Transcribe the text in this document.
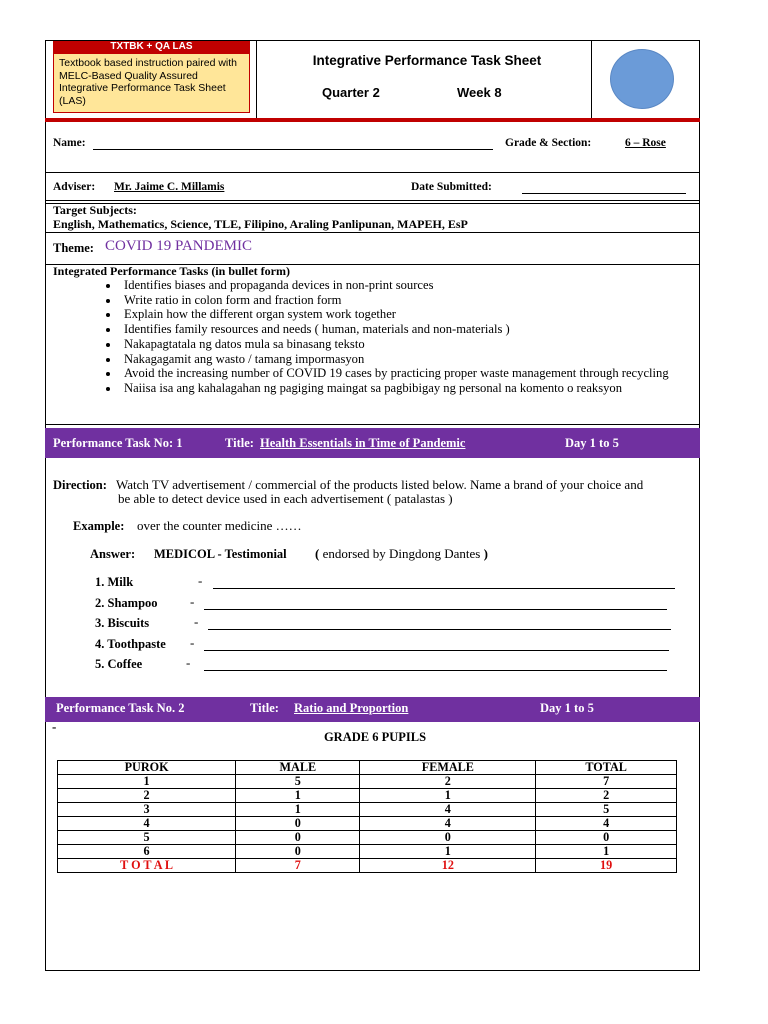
TXTBK + QA LAS
Textbook based instruction paired with MELC-Based Quality Assured Integrative Performance Task Sheet (LAS)
Integrative Performance Task Sheet
Quarter 2	Week 8
Name:	Grade & Section:	6 – Rose
Adviser: Mr. Jaime C. Millamis	Date Submitted:
Target Subjects:
English, Mathematics, Science, TLE, Filipino, Araling Panlipunan, MAPEH, EsP
Theme: COVID 19 PANDEMIC
Integrated Performance Tasks (in bullet form)
• Identifies biases and propaganda devices in non-print sources
• Write ratio in colon form and fraction form
• Explain how the different organ system work together
• Identifies family resources and needs ( human, materials and non-materials )
• Nakapagtatala ng datos mula sa binasang teksto
• Nakagagamit ang wasto / tamang impormasyon
• Avoid the increasing number of COVID 19 cases by practicing proper waste management through recycling
• Naiisa isa ang kahalagahan ng pagiging maingat sa pagbibigay ng personal na komento o reaksyon
Performance Task No: 1	Title: Health Essentials in Time of Pandemic	Day 1 to 5
Direction: Watch TV advertisement / commercial of the products listed below. Name a brand of your choice and
be able to detect device used in each advertisement ( patalastas )
Example: over the counter medicine ……
Answer: MEDICOL - Testimonial ( endorsed by Dingdong Dantes )
1. Milk	-
2. Shampoo -
3. Biscuits	-
4. Toothpaste -
5. Coffee	-
Performance Task No. 2	Title: Ratio and Proportion	Day 1 to 5
-
GRADE 6 PUPILS
PUROK	MALE	FEMALE	TOTAL
1	5	2	7
2	1	1	2
3	1	4	5
4	0	4	4
5	0	0	0
6	0	1	1
T O T A L	7	12	19
